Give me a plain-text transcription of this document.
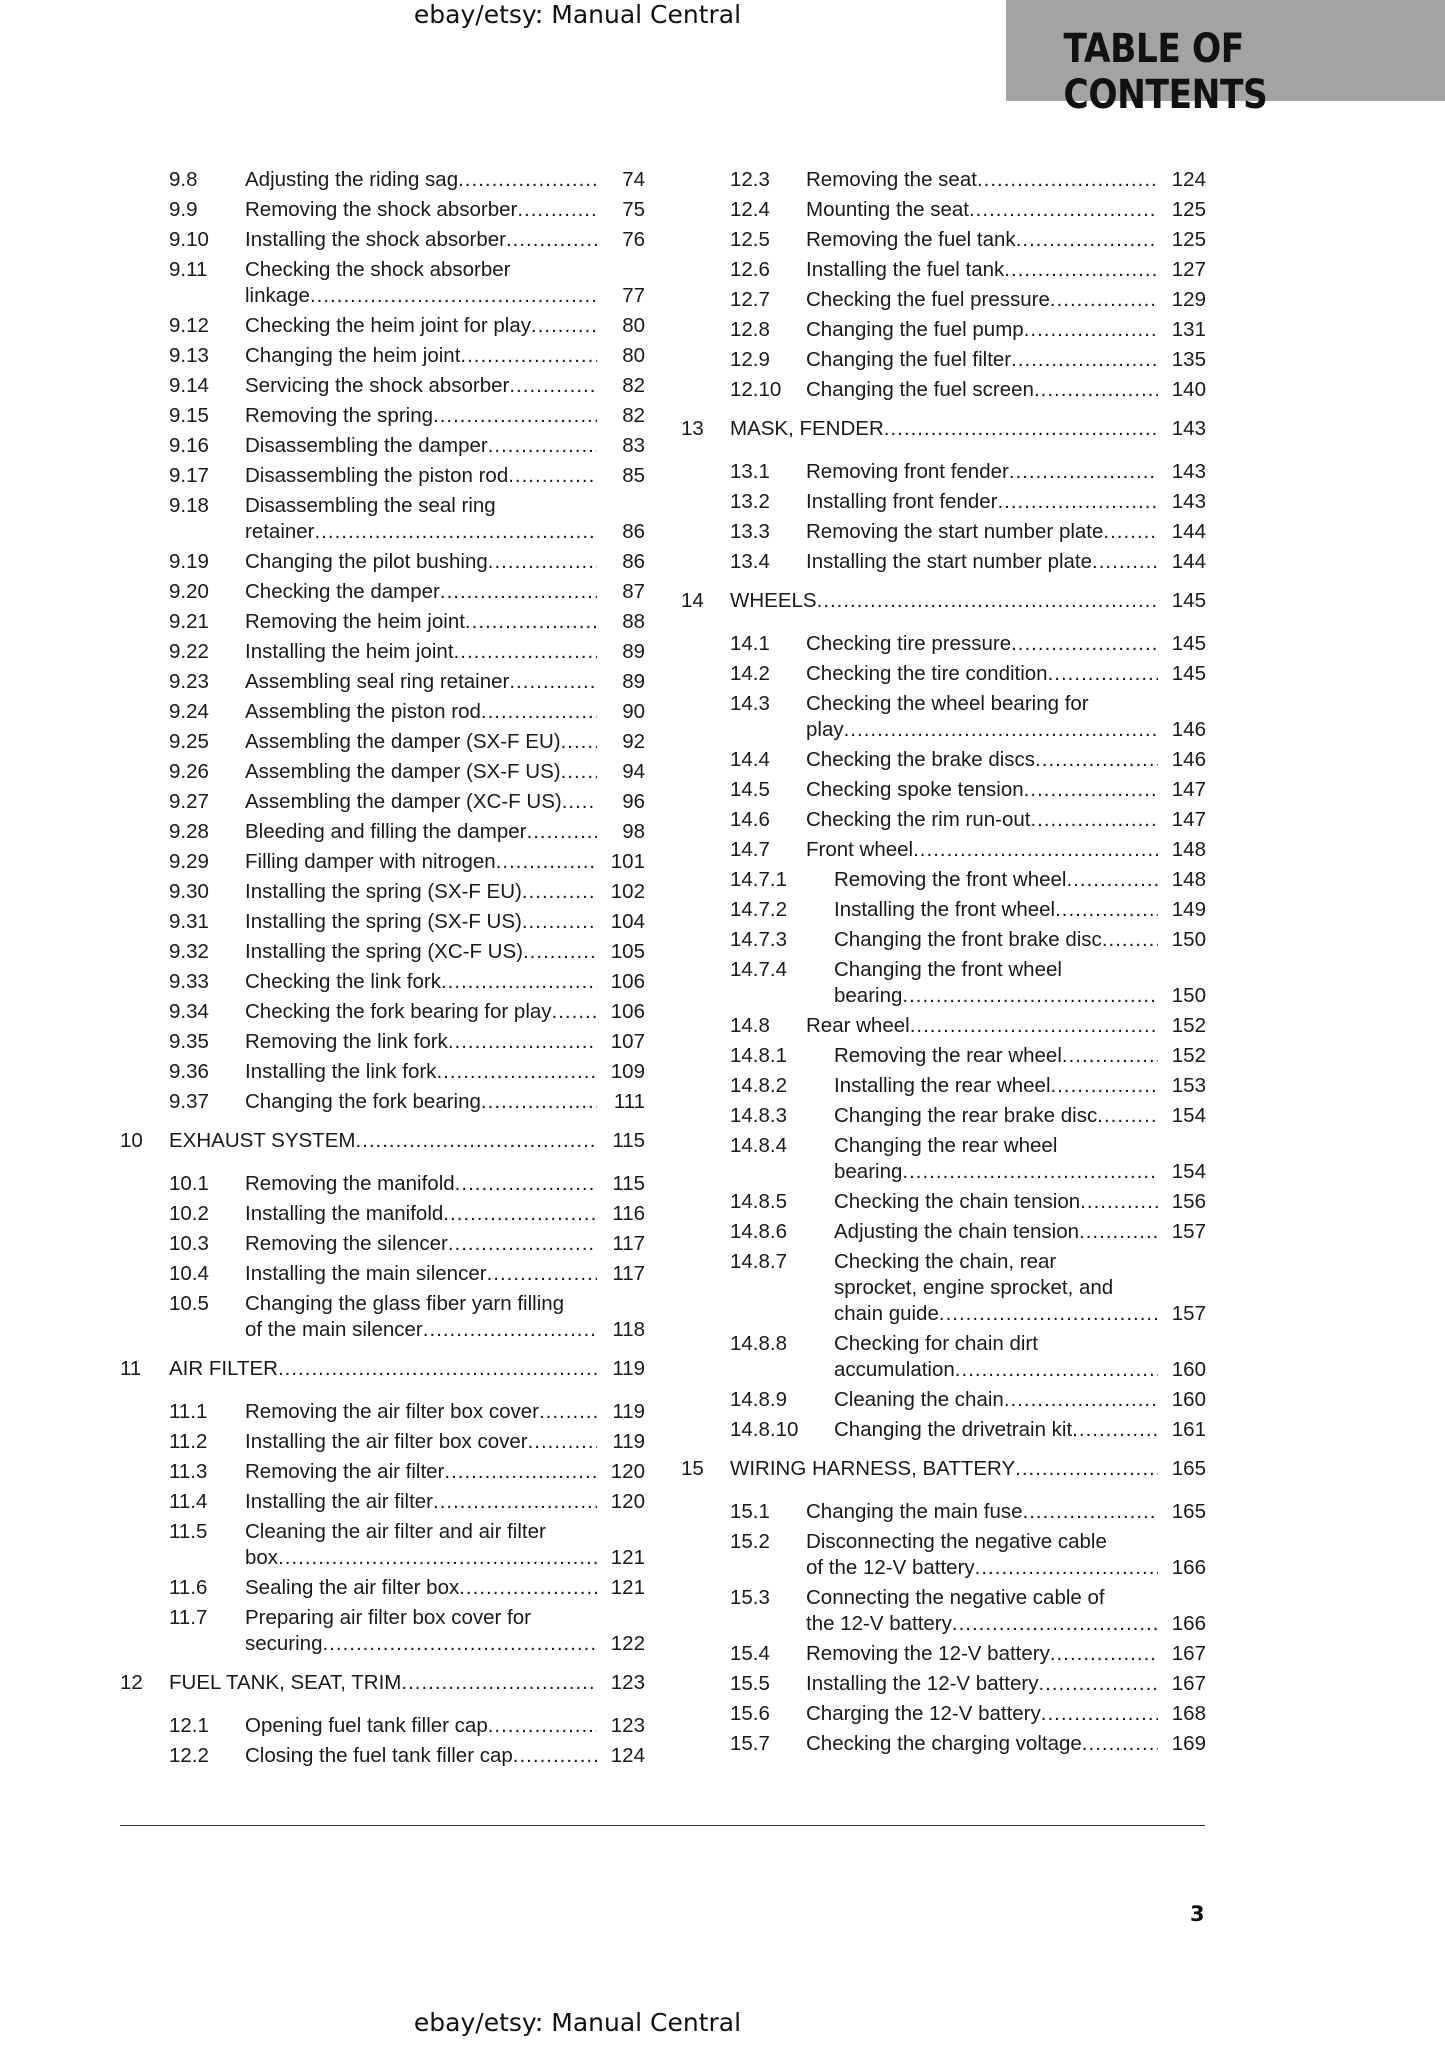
ebay/etsy: Manual Central
TABLE OF CONTENTS
9.8 Adjusting the riding sag .....	74
9.9 Removing the shock absorber .....	75
9.10 Installing the shock absorber .....	76
9.11 Checking the shock absorber
linkage .....	77
9.12 Checking the heim joint for play .....	80
9.13 Changing the heim joint .....	80
9.14 Servicing the shock absorber .....	82
9.15 Removing the spring .....	82
9.16 Disassembling the damper .....	83
9.17 Disassembling the piston rod .....	85
9.18 Disassembling the seal ring
retainer .....	86
9.19 Changing the pilot bushing .....	86
9.20 Checking the damper .....	87
9.21 Removing the heim joint .....	88
9.22 Installing the heim joint .....	89
9.23 Assembling seal ring retainer .....	89
9.24 Assembling the piston rod .....	90
9.25 Assembling the damper (SX-F EU) .....	92
9.26 Assembling the damper (SX-F US) .....	94
9.27 Assembling the damper (XC-F US) .....	96
9.28 Bleeding and filling the damper .....	98
9.29 Filling damper with nitrogen .....	101
9.30 Installing the spring (SX-F EU) .....	102
9.31 Installing the spring (SX-F US) .....	104
9.32 Installing the spring (XC-F US) .....	105
9.33 Checking the link fork .....	106
9.34 Checking the fork bearing for play .....	106
9.35 Removing the link fork .....	107
9.36 Installing the link fork .....	109
9.37 Changing the fork bearing .....	111
10 EXHAUST SYSTEM .....	115
10.1 Removing the manifold .....	115
10.2 Installing the manifold .....	116
10.3 Removing the silencer .....	117
10.4 Installing the main silencer .....	117
10.5 Changing the glass fiber yarn filling
of the main silencer .....	118
11 AIR FILTER .....	119
11.1 Removing the air filter box cover .....	119
11.2 Installing the air filter box cover .....	119
11.3 Removing the air filter .....	120
11.4 Installing the air filter .....	120
11.5 Cleaning the air filter and air filter
box .....	121
11.6 Sealing the air filter box .....	121
11.7 Preparing air filter box cover for
securing .....	122
12 FUEL TANK, SEAT, TRIM .....	123
12.1 Opening fuel tank filler cap .....	123
12.2 Closing the fuel tank filler cap .....	124
12.3 Removing the seat .....	124
12.4 Mounting the seat .....	125
12.5 Removing the fuel tank .....	125
12.6 Installing the fuel tank .....	127
12.7 Checking the fuel pressure .....	129
12.8 Changing the fuel pump .....	131
12.9 Changing the fuel filter .....	135
12.10 Changing the fuel screen .....	140
13 MASK, FENDER .....	143
13.1 Removing front fender .....	143
13.2 Installing front fender .....	143
13.3 Removing the start number plate .....	144
13.4 Installing the start number plate .....	144
14 WHEELS .....	145
14.1 Checking tire pressure .....	145
14.2 Checking the tire condition .....	145
14.3 Checking the wheel bearing for
play .....	146
14.4 Checking the brake discs .....	146
14.5 Checking spoke tension .....	147
14.6 Checking the rim run-out .....	147
14.7 Front wheel .....	148
14.7.1 Removing the front wheel .....	148
14.7.2 Installing the front wheel .....	149
14.7.3 Changing the front brake disc .....	150
14.7.4 Changing the front wheel
bearing .....	150
14.8 Rear wheel .....	152
14.8.1 Removing the rear wheel .....	152
14.8.2 Installing the rear wheel .....	153
14.8.3 Changing the rear brake disc .....	154
14.8.4 Changing the rear wheel
bearing .....	154
14.8.5 Checking the chain tension .....	156
14.8.6 Adjusting the chain tension .....	157
14.8.7 Checking the chain, rear
sprocket, engine sprocket, and
chain guide .....	157
14.8.8 Checking for chain dirt
accumulation .....	160
14.8.9 Cleaning the chain .....	160
14.8.10 Changing the drivetrain kit .....	161
15 WIRING HARNESS, BATTERY .....	165
15.1 Changing the main fuse .....	165
15.2 Disconnecting the negative cable
of the 12-V battery .....	166
15.3 Connecting the negative cable of
the 12-V battery .....	166
15.4 Removing the 12-V battery .....	167
15.5 Installing the 12-V battery .....	167
15.6 Charging the 12-V battery .....	168
15.7 Checking the charging voltage .....	169
3
ebay/etsy: Manual Central
